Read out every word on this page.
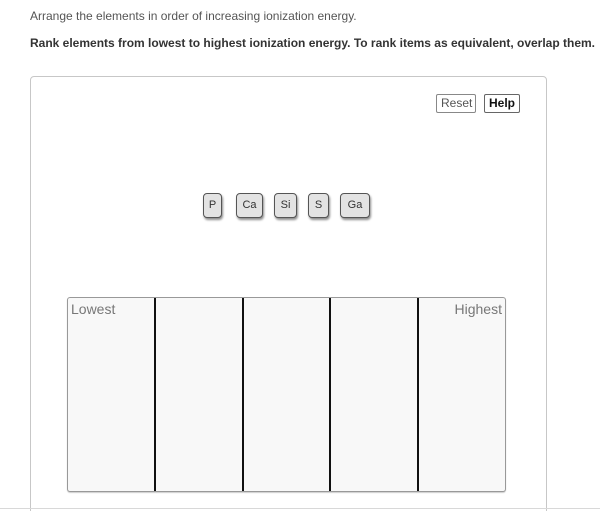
Arrange the elements in order of increasing ionization energy.
Rank elements from lowest to highest ionization energy. To rank items as equivalent, overlap them.
Reset	Help
P	Ca	Si	S	Ga
Lowest	Highest
